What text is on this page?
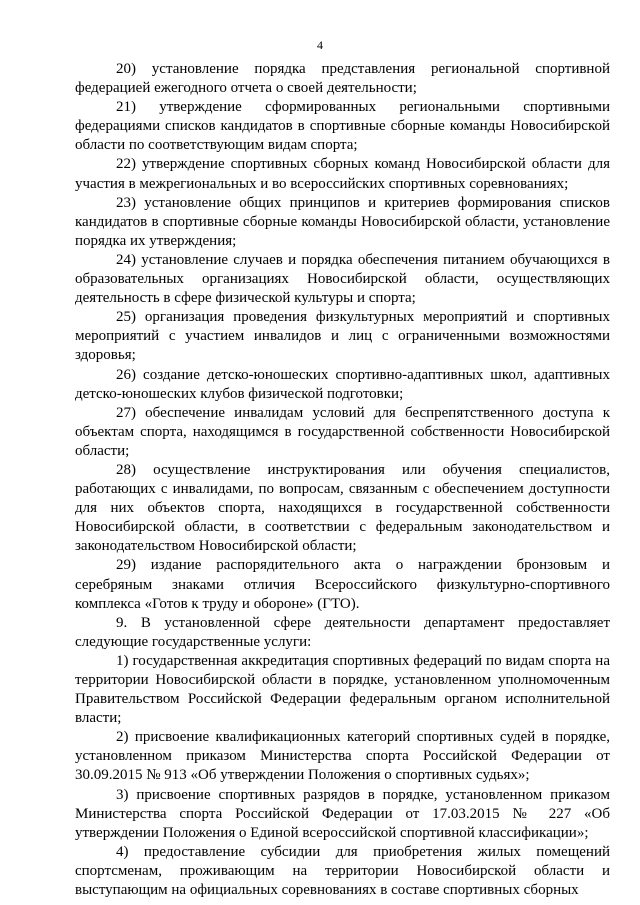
4

20) установление порядка представления региональной спортивной федерацией ежегодного отчета о своей деятельности;

21) утверждение сформированных региональными спортивными федерациями списков кандидатов в спортивные сборные команды Новосибирской области по соответствующим видам спорта;

22) утверждение спортивных сборных команд Новосибирской области для участия в межрегиональных и во всероссийских спортивных соревнованиях;

23) установление общих принципов и критериев формирования списков кандидатов в спортивные сборные команды Новосибирской области, установление порядка их утверждения;

24) установление случаев и порядка обеспечения питанием обучающихся в образовательных организациях Новосибирской области, осуществляющих деятельность в сфере физической культуры и спорта;

25) организация проведения физкультурных мероприятий и спортивных мероприятий с участием инвалидов и лиц с ограниченными возможностями здоровья;

26) создание детско-юношеских спортивно-адаптивных школ, адаптивных детско-юношеских клубов физической подготовки;

27) обеспечение инвалидам условий для беспрепятственного доступа к объектам спорта, находящимся в государственной собственности Новосибирской области;

28) осуществление инструктирования или обучения специалистов, работающих с инвалидами, по вопросам, связанным с обеспечением доступности для них объектов спорта, находящихся в государственной собственности Новосибирской области, в соответствии с федеральным законодательством и законодательством Новосибирской области;

29) издание распорядительного акта о награждении бронзовым и серебряным знаками отличия Всероссийского физкультурно-спортивного комплекса «Готов к труду и обороне» (ГТО).

9. В установленной сфере деятельности департамент предоставляет следующие государственные услуги:

1) государственная аккредитация спортивных федераций по видам спорта на территории Новосибирской области в порядке, установленном уполномоченным Правительством Российской Федерации федеральным органом исполнительной власти;

2) присвоение квалификационных категорий спортивных судей в порядке, установленном приказом Министерства спорта Российской Федерации от 30.09.2015 № 913 «Об утверждении Положения о спортивных судьях»;

3) присвоение спортивных разрядов в порядке, установленном приказом Министерства спорта Российской Федерации от 17.03.2015 № 227 «Об утверждении Положения о Единой всероссийской спортивной классификации»;

4) предоставление субсидии для приобретения жилых помещений спортсменам, проживающим на территории Новосибирской области и выступающим на официальных соревнованиях в составе спортивных сборных
